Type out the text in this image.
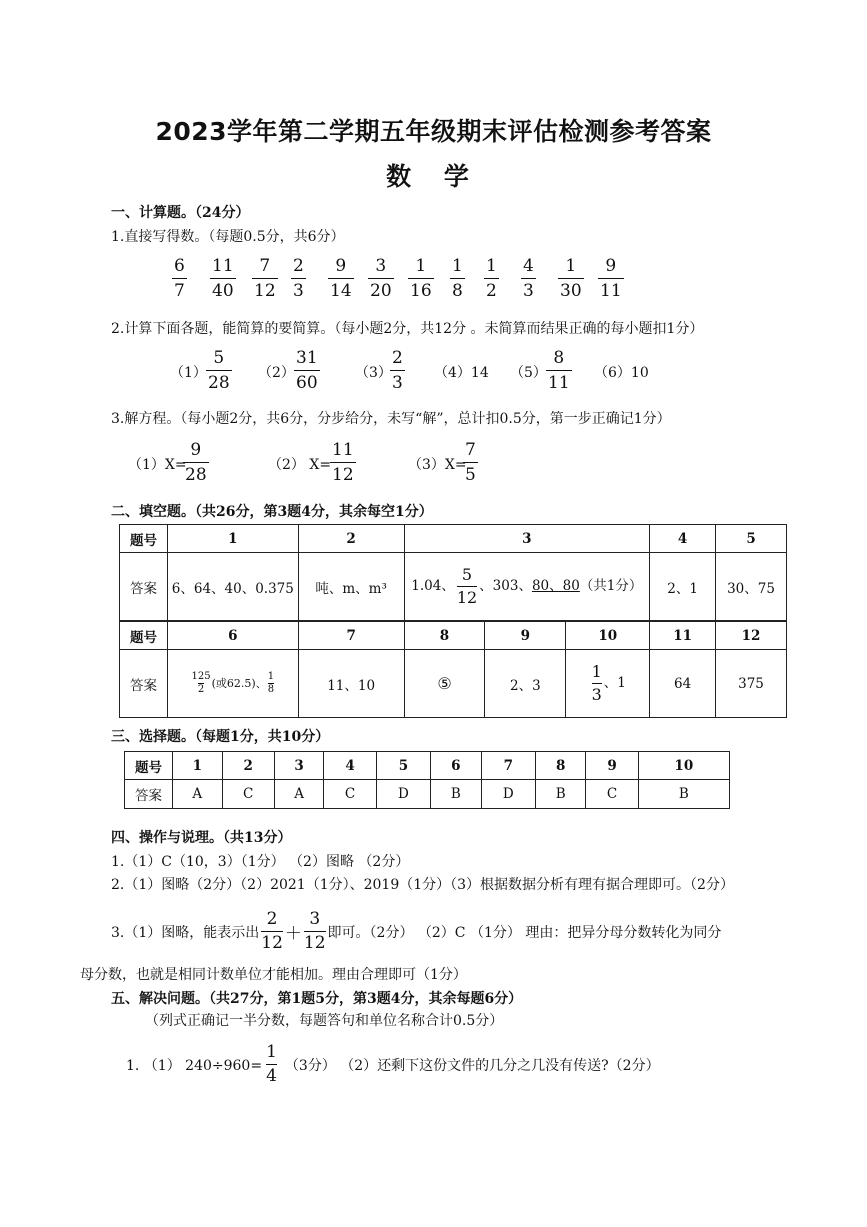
2023学年第二学期五年级期末评估检测参考答案
数 学
一、计算题。（24分）
1.直接写得数。（每题0.5分，共6分）
$\frac{6}{7} \frac{11}{40} \frac{7}{12} \frac{2}{3} \frac{9}{14} \frac{3}{20} \frac{1}{16} \frac{1}{8} \frac{1}{2} \frac{4}{3} \frac{1}{30} \frac{9}{11}$
2.计算下面各题，能简算的要简算。（每小题2分，共12分 。未简算而结果正确的每小题扣1分）
$(1) \frac{5}{28} (2) \frac{31}{60}$	（3）
$\frac{2}{3} (4)14$ $(5) \frac{8}{11} (6)10$
3.解方程。（每小题2分，共6分，分步给分，未写“解”，总计扣0.5分，第一步正确记1分）
（1）X=
$\frac{9}{28}$	（2） X=
$\frac{11}{12}$	（3）X=
$\frac{7}{5}$
二、填空题。（共26分，第3题4分，其余每空1分）
题号	1	2	3	4	5
答案	6、64、40、0.375	吨、m、m³	1.04、 $\frac{5}{12}$ 、303、80、80（共1分）	2、1	30、75
题号	6	7	8	9	10	11	12
答案	$\frac{125}{2}$ (或62.5)、 $\frac{1}{8}$	11、10	⑤	2、3	$\frac{1}{3}$ 、1	64	375
三、选择题。（每题1分，共10分）
题号	1	2	3	4	5	6	7	8	9	10
答案	A	C	A	C	D	B	D	B	C	B
四、操作与说理。（共13分）
1.（1）C（10，3）（1分） （2）图略 （2分）
2.（1）图略（2分）（2）2021（1分）、2019（1分）（3）根据数据分析有理有据合理即可。（2分）
3.（1）图略，能表示出 $\frac{2}{12} + \frac{3}{12}$ 即可。（2分） （2）C （1分） 理由：把异分母分数转化为同分
母分数，也就是相同计数单位才能相加。理由合理即可（1分）
五、解决问题。（共27分，第1题5分，第3题4分，其余每题6分）
（列式正确记一半分数，每题答句和单位名称合计0.5分）
1. （1） $240\div 960= \frac{1}{4} (3$分） （2）还剩下这份文件的几分之几没有传送?（2分）
